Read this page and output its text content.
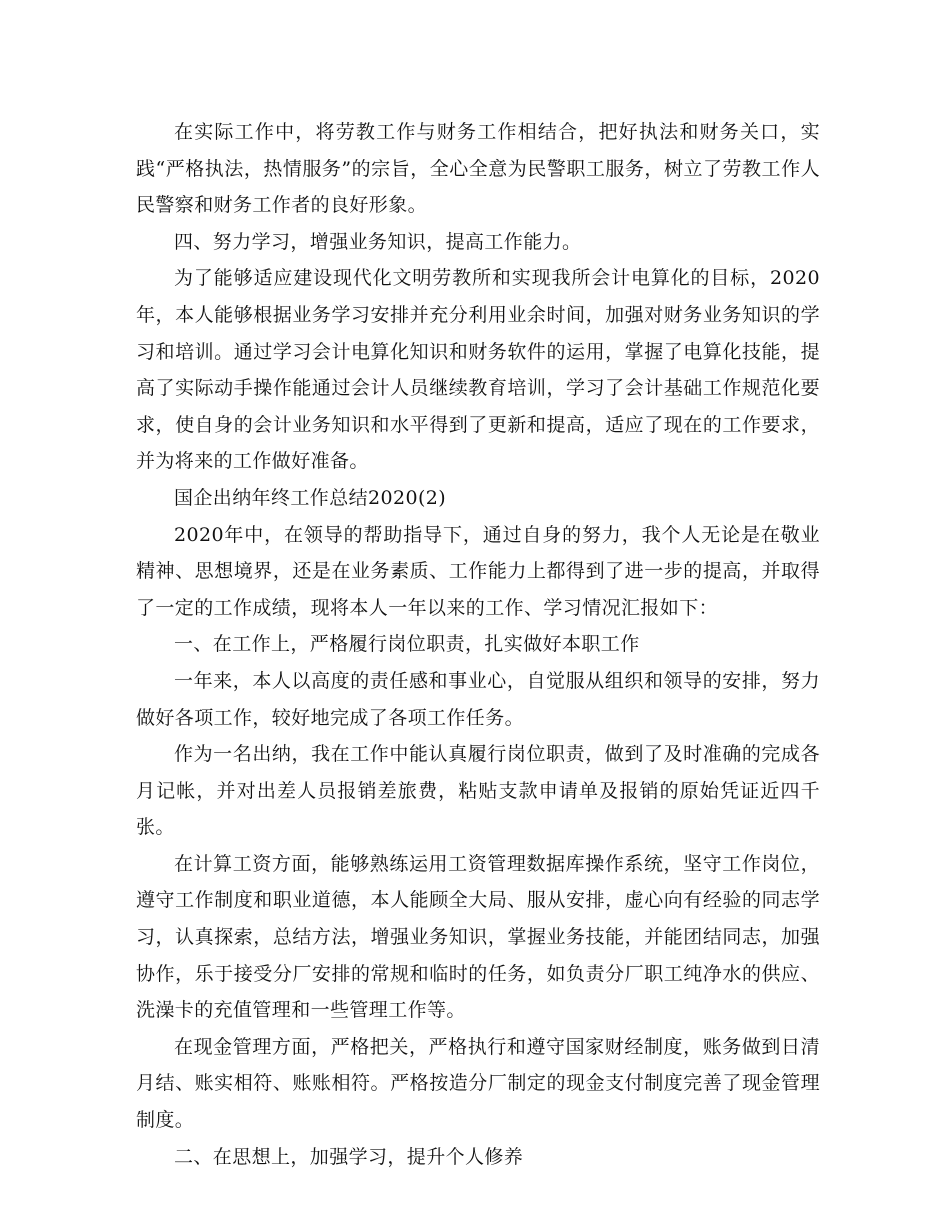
在实际工作中，将劳教工作与财务工作相结合，把好执法和财务关口，实践“严格执法，热情服务”的宗旨，全心全意为民警职工服务，树立了劳教工作人民警察和财务工作者的良好形象。

四、努力学习，增强业务知识，提高工作能力。

为了能够适应建设现代化文明劳教所和实现我所会计电算化的目标，2020年，本人能够根据业务学习安排并充分利用业余时间，加强对财务业务知识的学习和培训。通过学习会计电算化知识和财务软件的运用，掌握了电算化技能，提高了实际动手操作能通过会计人员继续教育培训，学习了会计基础工作规范化要求，使自身的会计业务知识和水平得到了更新和提高，适应了现在的工作要求，并为将来的工作做好准备。

国企出纳年终工作总结2020(2)

2020年中，在领导的帮助指导下，通过自身的努力，我个人无论是在敬业精神、思想境界，还是在业务素质、工作能力上都得到了进一步的提高，并取得了一定的工作成绩，现将本人一年以来的工作、学习情况汇报如下：

一、在工作上，严格履行岗位职责，扎实做好本职工作

一年来，本人以高度的责任感和事业心，自觉服从组织和领导的安排，努力做好各项工作，较好地完成了各项工作任务。

作为一名出纳，我在工作中能认真履行岗位职责，做到了及时准确的完成各月记帐，并对出差人员报销差旅费，粘贴支款申请单及报销的原始凭证近四千张。

在计算工资方面，能够熟练运用工资管理数据库操作系统，坚守工作岗位，遵守工作制度和职业道德，本人能顾全大局、服从安排，虚心向有经验的同志学习，认真探索，总结方法，增强业务知识，掌握业务技能，并能团结同志，加强协作，乐于接受分厂安排的常规和临时的任务，如负责分厂职工纯净水的供应、洗澡卡的充值管理和一些管理工作等。

在现金管理方面，严格把关，严格执行和遵守国家财经制度，账务做到日清月结、账实相符、账账相符。严格按造分厂制定的现金支付制度完善了现金管理制度。

二、在思想上，加强学习，提升个人修养
